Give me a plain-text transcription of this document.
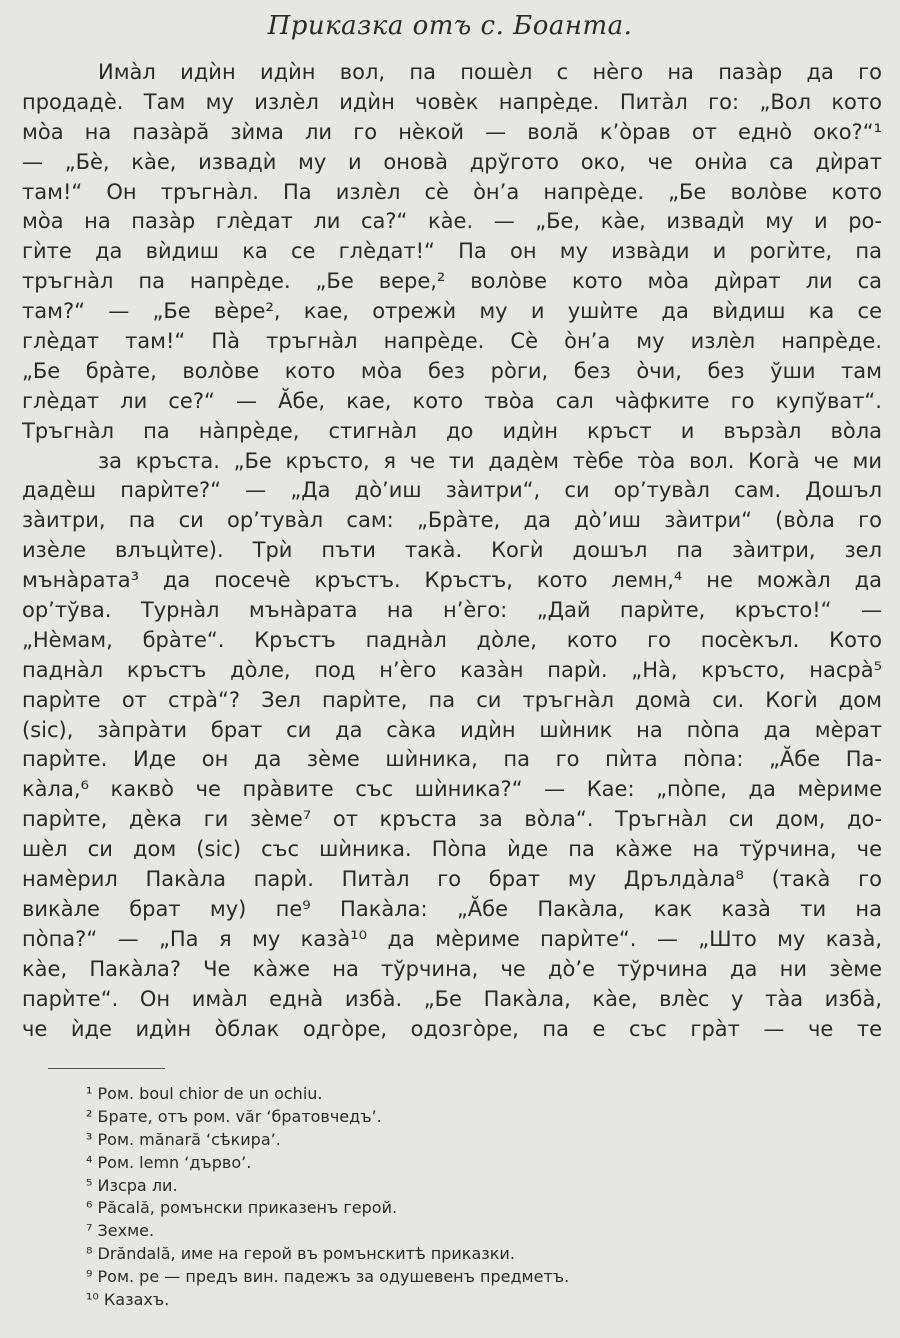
Приказка отъ с. Боанта.
Имàл идѝн идѝн вол, па пошѐл с нѐго на пазàр да го
продадѐ. Там му излѐл идѝн човѐк напрѐде. Питàл го: „Вол кото
мòа на пазàрă зѝма ли го нѐкой — волă к’òрав от еднò око?“¹
— „Бѐ, кàе, извадѝ му и оновà дрўгото око, че онѝа са дѝрат
там!“ Он тръгнàл. Па излѐл сѐ òн’а напрѐде. „Бе волòве кото
мòа на пазàр глѐдат ли са?“ кàе. — „Бе, кàе, извадѝ му и ро-
гѝте да вѝдиш ка се глѐдат!“ Па он му извàди и рогѝте, па
тръгнàл па напрѐде. „Бе вере,² волòве кото мòа дѝрат ли са
там?“ — „Бе вѐре², кае, отрежѝ му и ушѝте да вѝдиш ка се
глѐдат там!“ Пà тръгнàл напрѐде. Сѐ òн’а му излѐл напрѐде.
„Бе брàте, волòве кото мòа без рòги, без òчи, без ўши там
глѐдат ли се?“ — Ăбе, кае, кото твòа сал чàфките го купўват“.
Тръгнàл па нàпрѐде, стигнàл до идѝн кръст и вързàл вòла
за кръста. „Бе кръсто, я че ти дадѐм тѐбе тòа вол. Когà че ми
дадѐш парѝте?“ — „Да дò’иш зàитри“, си ор’тувàл сам. Дошъл
зàитри, па си ор’тувàл сам: „Брàте, да дò’иш зàитри“ (вòла го
изѐле влъцѝте). Трѝ пъти такà. Когѝ дошъл па зàитри, зел
мънàрата³ да посечѐ кръстъ. Кръстъ, кото лемн,⁴ не можàл да
ор’тўва. Турнàл мънàрата на н’ѐго: „Дай парѝте, кръсто!“ —
„Нѐмам, брàте“. Кръстъ паднàл дòле, кото го посѐкъл. Кото
паднàл кръстъ дòле, под н’ѐго казàн парѝ. „Нà, кръсто, насрà⁵
парѝте от стрà“? Зел парѝте, па си тръгнàл домà си. Когѝ дом
(sic), зàпрàти брат си да сàка идѝн шѝник на пòпа да мѐрат
парѝте. Иде он да зѐме шѝника, па го пѝта пòпа: „Ăбе Па-
кàла,⁶ каквò че прàвите със шѝника?“ — Кае: „пòпе, да мѐриме
парѝте, дѐка ги зѐме⁷ от кръста за вòла“. Тръгнàл си дом, до-
шѐл си дом (sic) със шѝника. Пòпа ѝде па кàже на тўрчина, че
намѐрил Пакàла парѝ. Питàл го брат му Дрълдàла⁸ (такà го
викàле брат му) пе⁹ Пакàла: „Ăбе Пакàла, как казà ти на
пòпа?“ — „Па я му казà¹⁰ да мѐриме парѝте“. — „Што му казà,
кàе, Пакàла? Че кàже на тўрчина, че дò’е тўрчина да ни зѐме
парѝте“. Он имàл еднà избà. „Бе Пакàла, кàе, влѐс у тàа избà,
че ѝде идѝн òблак одгòре, одозгòре, па е със грàт — че те
¹ Ром. boul chior de un ochiu.
² Брате, отъ ром. văr ‘братовчедъ’.
³ Ром. mănară ‘сѣкира’.
⁴ Ром. lemn ‘дърво’.
⁵ Изсра ли.
⁶ Păcală, ромънски приказенъ герой.
⁷ Зехме.
⁸ Drăndală, име на герой въ ромънскитѣ приказки.
⁹ Ром. pe — предъ вин. падежъ за одушевенъ предметъ.
¹⁰ Казахъ.
